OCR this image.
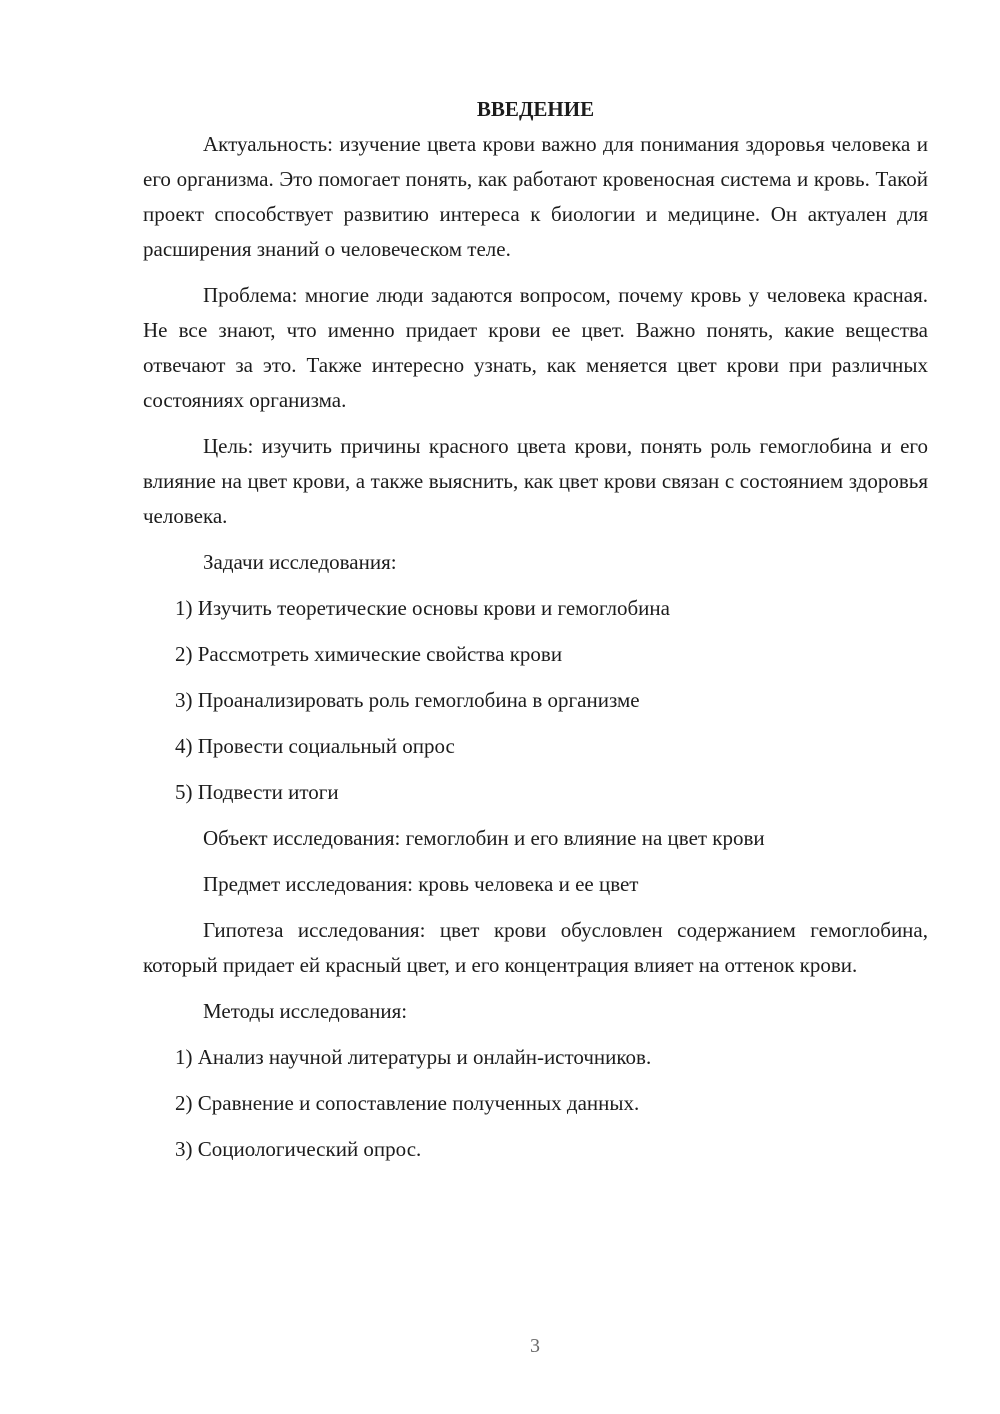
ВВЕДЕНИЕ

Актуальность: изучение цвета крови важно для понимания здоровья человека и его организма. Это помогает понять, как работают кровеносная система и кровь. Такой проект способствует развитию интереса к биологии и медицине. Он актуален для расширения знаний о человеческом теле.

Проблема: многие люди задаются вопросом, почему кровь у человека красная. Не все знают, что именно придает крови ее цвет. Важно понять, какие вещества отвечают за это. Также интересно узнать, как меняется цвет крови при различных состояниях организма.

Цель: изучить причины красного цвета крови, понять роль гемоглобина и его влияние на цвет крови, а также выяснить, как цвет крови связан с состоянием здоровья человека.

Задачи исследования:

1) Изучить теоретические основы крови и гемоглобина

2) Рассмотреть химические свойства крови

3) Проанализировать роль гемоглобина в организме

4) Провести социальный опрос

5) Подвести итоги

Объект исследования: гемоглобин и его влияние на цвет крови

Предмет исследования: кровь человека и ее цвет

Гипотеза исследования: цвет крови обусловлен содержанием гемоглобина, который придает ей красный цвет, и его концентрация влияет на оттенок крови.

Методы исследования:

1) Анализ научной литературы и онлайн-источников.

2) Сравнение и сопоставление полученных данных.

3) Социологический опрос.

3
